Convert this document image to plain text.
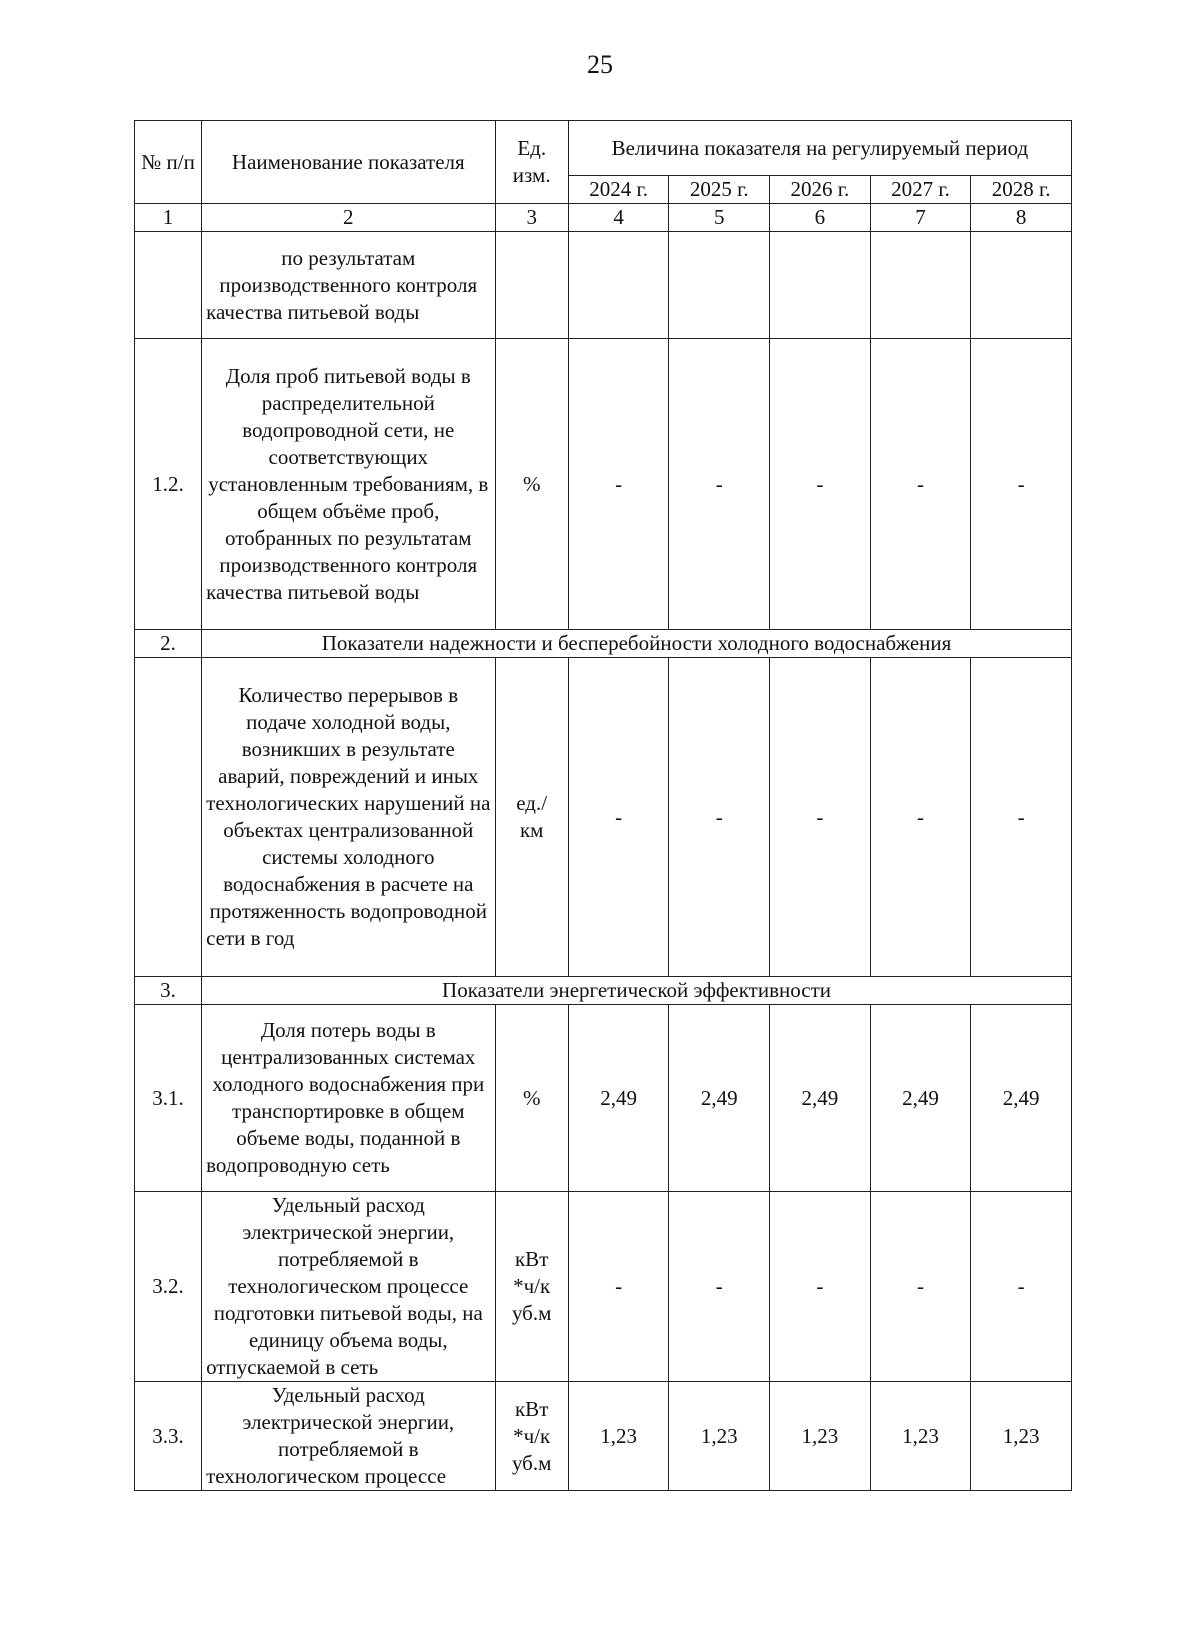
25
№ п/п	Наименование показателя	Ед. изм.	Величина показателя на регулируемый период				
			2024 г.	2025 г.	2026 г.	2027 г.	2028 г.
1	2	3	4	5	6	7	8
	по результатам производственного контроля качества питьевой воды						
1.2.	Доля проб питьевой воды в распределительной водопроводной сети, не соответствующих установленным требованиям, в общем объёме проб, отобранных по результатам производственного контроля качества питьевой воды	%	-	-	-	-	-
2.	Показатели надежности и бесперебойности холодного водоснабжения						
	Количество перерывов в подаче холодной воды, возникших в результате аварий, повреждений и иных технологических нарушений на объектах централизованной системы холодного водоснабжения в расчете на протяженность водопроводной сети в год	ед./км	-	-	-	-	-
3.	Показатели энергетической эффективности						
3.1.	Доля потерь воды в централизованных системах холодного водоснабжения при транспортировке в общем объеме воды, поданной в водопроводную сеть	%	2,49	2,49	2,49	2,49	2,49
3.2.	Удельный расход электрической энергии, потребляемой в технологическом процессе подготовки питьевой воды, на единицу объема воды, отпускаемой в сеть	кВт*ч/куб.м	-	-	-	-	-
3.3.	Удельный расход электрической энергии, потребляемой в технологическом процессе	кВт*ч/куб.м	1,23	1,23	1,23	1,23	1,23
